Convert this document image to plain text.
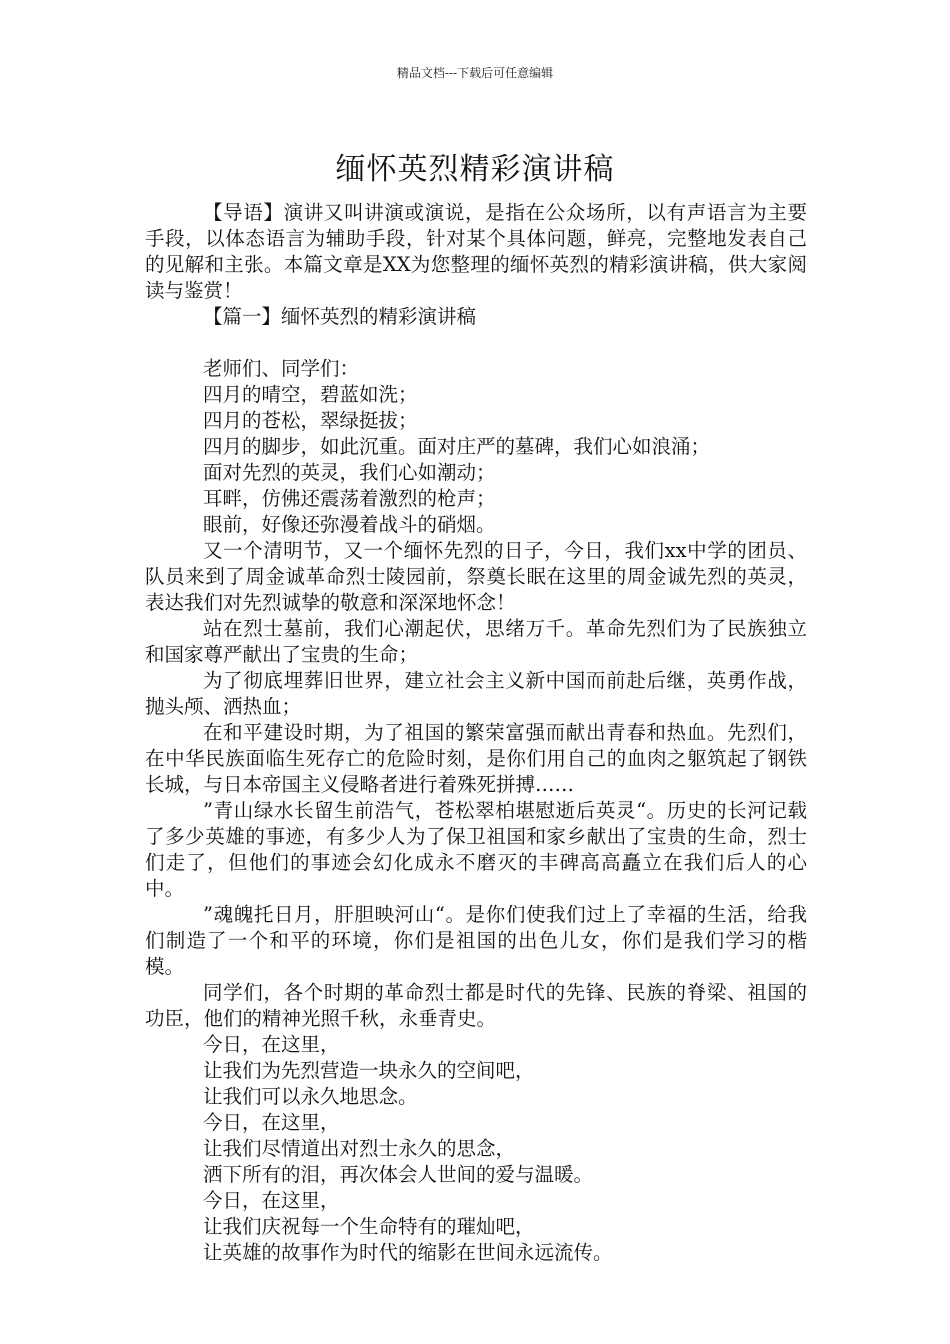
精品文档---下载后可任意编辑
缅怀英烈精彩演讲稿

【导语】演讲又叫讲演或演说，是指在公众场所，以有声语言为主要手段，以体态语言为辅助手段，针对某个具体问题，鲜亮，完整地发表自己的见解和主张。本篇文章是XX为您整理的缅怀英烈的精彩演讲稿，供大家阅读与鉴赏！

【篇一】缅怀英烈的精彩演讲稿

老师们、同学们：

四月的晴空，碧蓝如洗；

四月的苍松，翠绿挺拔；

四月的脚步，如此沉重。面对庄严的墓碑，我们心如浪涌；

面对先烈的英灵，我们心如潮动；

耳畔，仿佛还震荡着激烈的枪声；

眼前，好像还弥漫着战斗的硝烟。

又一个清明节，又一个缅怀先烈的日子，今日，我们xx中学的团员、队员来到了周金诚革命烈士陵园前，祭奠长眠在这里的周金诚先烈的英灵，表达我们对先烈诚挚的敬意和深深地怀念！

站在烈士墓前，我们心潮起伏，思绪万千。革命先烈们为了民族独立和国家尊严献出了宝贵的生命；

为了彻底埋葬旧世界，建立社会主义新中国而前赴后继，英勇作战，抛头颅、洒热血；

在和平建设时期，为了祖国的繁荣富强而献出青春和热血。先烈们，在中华民族面临生死存亡的危险时刻，是你们用自己的血肉之躯筑起了钢铁长城，与日本帝国主义侵略者进行着殊死拼搏……

”青山绿水长留生前浩气，苍松翠柏堪慰逝后英灵“。历史的长河记载了多少英雄的事迹，有多少人为了保卫祖国和家乡献出了宝贵的生命，烈士们走了，但他们的事迹会幻化成永不磨灭的丰碑高高矗立在我们后人的心中。

”魂魄托日月，肝胆映河山“。是你们使我们过上了幸福的生活，给我们制造了一个和平的环境，你们是祖国的出色儿女，你们是我们学习的楷模。

同学们，各个时期的革命烈士都是时代的先锋、民族的脊梁、祖国的功臣，他们的精神光照千秋，永垂青史。

今日，在这里，

让我们为先烈营造一块永久的空间吧，

让我们可以永久地思念。

今日，在这里，

让我们尽情道出对烈士永久的思念，

洒下所有的泪，再次体会人世间的爱与温暖。

今日，在这里，

让我们庆祝每一个生命特有的璀灿吧，

让英雄的故事作为时代的缩影在世间永远流传。
